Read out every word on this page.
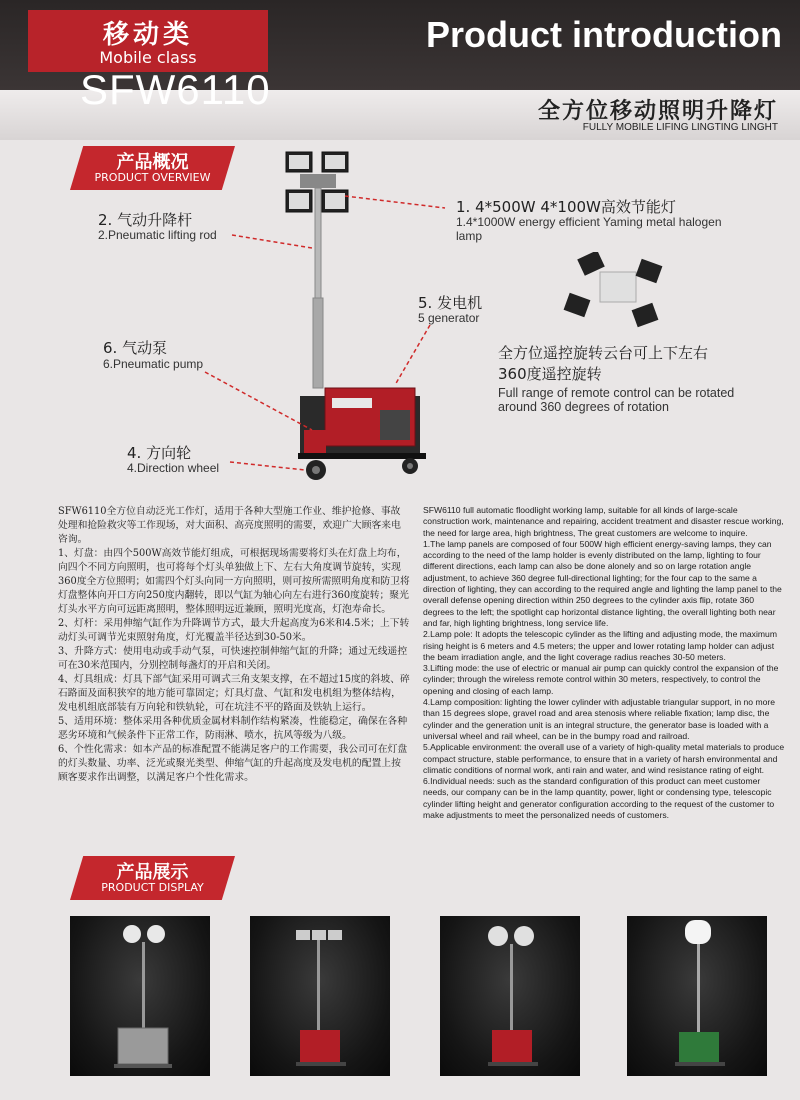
移动类
Mobile class
Product introduction
SFW6110	全方位移动照明升降灯
FULLY MOBILE LIFING LINGTING LINGHT
产品概况
PRODUCT OVERVIEW
1. 4*500W 4*100W高效节能灯
1.4*1000W energy efficient Yaming metal halogen lamp
2. 气动升降杆
2.Pneumatic lifting rod
5. 发电机
5 generator
6. 气动泵
6.Pneumatic pump
4. 方向轮
4.Direction wheel
全方位遥控旋转云台可上下左右
360度遥控旋转
Full range of remote control can be rotated around 360 degrees of rotation

SFW6110全方位自动泛光工作灯，适用于各种大型施工作业、维护抢修、事故处理和抢险救灾等工作现场，对大面积、高亮度照明的需要，欢迎广大顾客来电咨询。

1、灯盘：由四个500W高效节能灯组成，可根据现场需要将灯头在灯盘上均布，向四个不同方向照明，也可将每个灯头单独做上下、左右大角度调节旋转，实现360度全方位照明；如需四个灯头向同一方向照明，则可按所需照明角度和防卫将灯盘整体向开口方向250度内翻转，即以气缸为轴心向左右进行360度旋转；聚光灯头水平方向可远距离照明，整体照明远近兼顾，照明光度高，灯泡寿命长。

2、灯杆：采用伸缩气缸作为升降调节方式，最大升起高度为6米和4.5米；上下转动灯头可调节光束照射角度，灯光覆盖半径达到30-50米。

3、升降方式：使用电动或手动气泵，可快速控制伸缩气缸的升降；通过无线遥控可在30米范围内，分别控制每盏灯的开启和关闭。

4、灯具组成：灯具下部气缸采用可调式三角支架支撑，在不超过15度的斜坡、碎石路面及面积狭窄的地方能可靠固定；灯具灯盘、气缸和发电机组为整体结构，发电机组底部装有万向轮和铁轨轮，可在坑洼不平的路面及铁轨上运行。

5、适用环境：整体采用各种优质金属材料制作结构紧凑，性能稳定，确保在各种恶劣环境和气候条件下正常工作，防雨淋、喷水，抗风等级为八级。

6、个性化需求：如本产品的标准配置不能满足客户的工作需要，我公司可在灯盘的灯头数量、功率、泛光或聚光类型、伸缩气缸的升起高度及发电机的配置上按顾客要求作出调整，以满足客户个性化需求。

SFW6110 full automatic floodlight working lamp, suitable for all kinds of large-scale construction work, maintenance and repairing, accident treatment and disaster rescue working, the need for large area, high brightness, The great customers are welcome to inquire.

1.The lamp panels are composed of four 500W high efficient energy-saving lamps, they can according to the need of the lamp holder is evenly distributed on the lamp, lighting to four different directions, each lamp can also be done alonely and so on large rotation angle adjustment, to achieve 360 degree full-directional lighting; for the four cap to the same a direction of lighting, they can according to the required angle and lighting the lamp panel to the overall defense opening direction within 250 degrees to the cylinder axis flip, rotate 360 degrees to the left; the spotlight cap horizontal distance lighting, the overall lighting both near and far, high lighting brightness, long service life.

2.Lamp pole: It adopts the telescopic cylinder as the lifting and adjusting mode, the maximum rising height is 6 meters and 4.5 meters; the upper and lower rotating lamp holder can adjust the beam irradiation angle, and the light coverage radius reaches 30-50 meters.

3.Lifting mode: the use of electric or manual air pump can quickly control the expansion of the cylinder; through the wireless remote control within 30 meters, respectively, to control the opening and closing of each lamp.

4.Lamp composition: lighting the lower cylinder with adjustable triangular support, in no more than 15 degrees slope, gravel road and area stenosis where reliable fixation; lamp disc, the cylinder and the generation unit is an integral structure, the generator base is loaded with a universal wheel and rail wheel, can be in the bumpy road and railroad.

5.Applicable environment: the overall use of a variety of high-quality metal materials to produce compact structure, stable performance, to ensure that in a variety of harsh environmental and climatic conditions of normal work, anti rain and water, and wind resistance rating of eight.

6.Individual needs: such as the standard configuration of this product can meet customer needs, our company can be in the lamp quantity, power, light or condensing type, telescopic cylinder lifting height and generator configuration according to the request of the customer to make adjustments to meet the personalized needs of customers.

产品展示
PRODUCT DISPLAY
